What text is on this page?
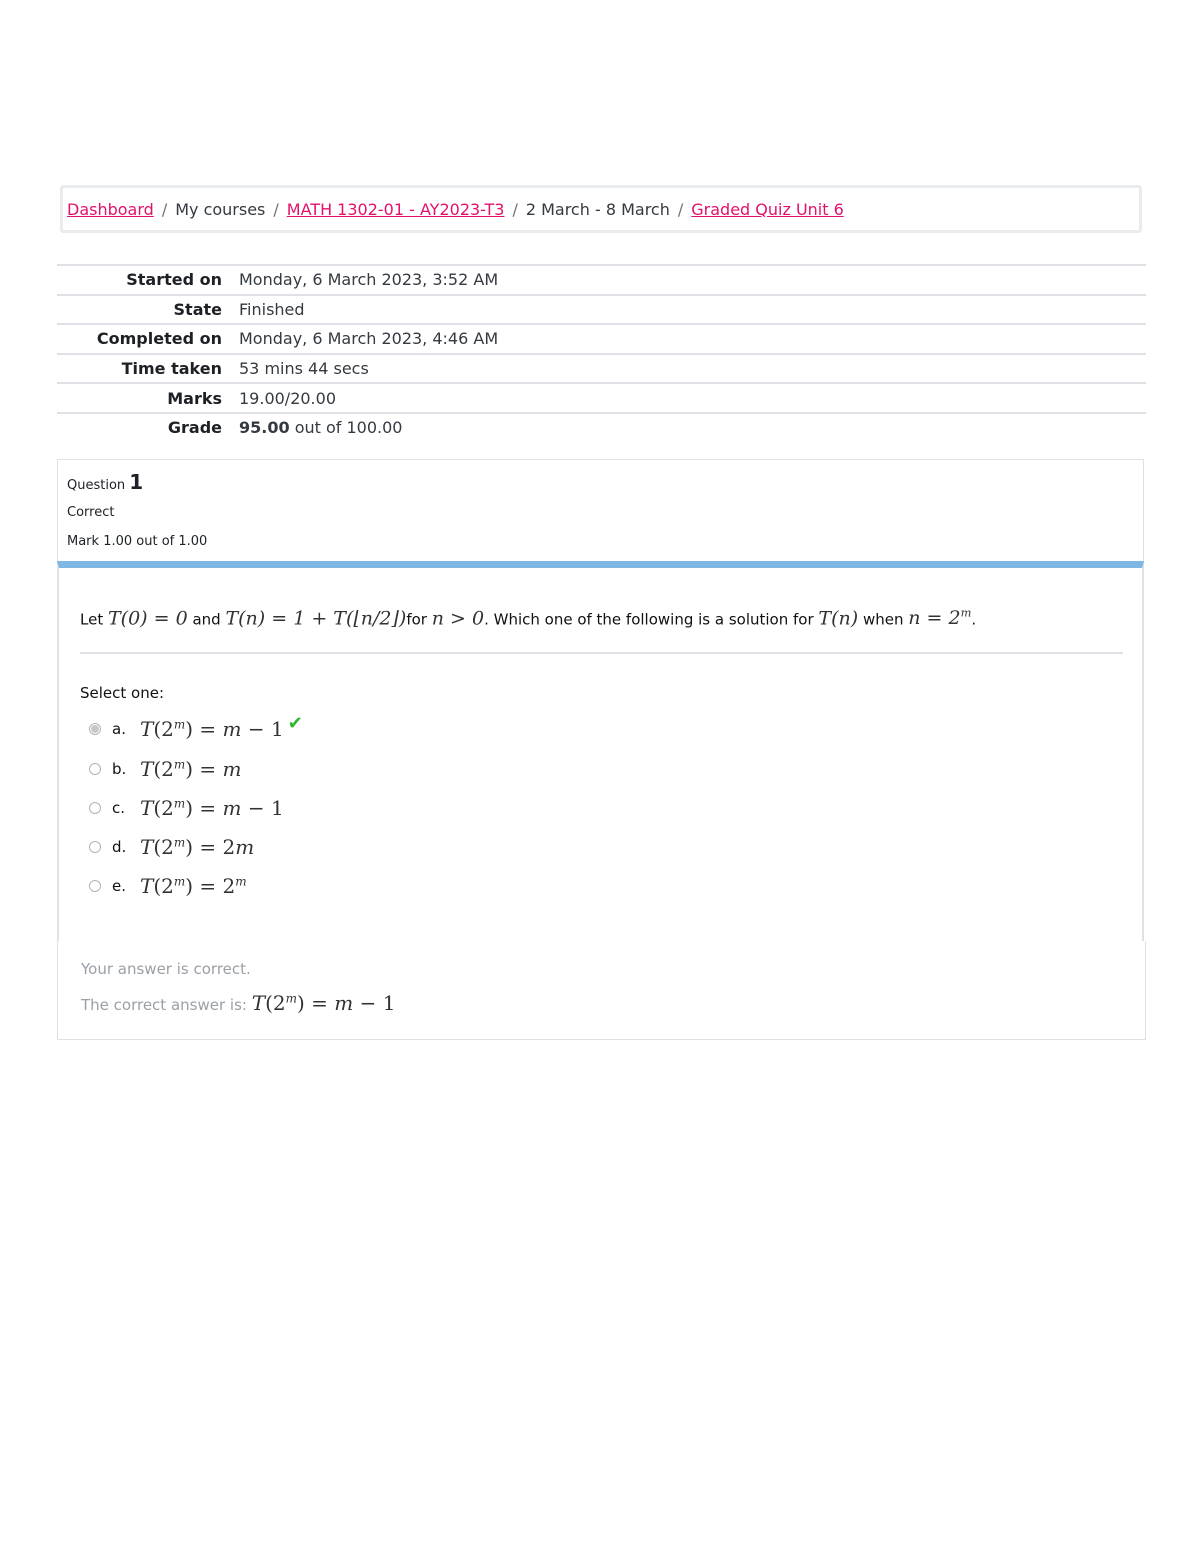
Dashboard / My courses / MATH 1302-01 - AY2023-T3 / 2 March - 8 March / Graded Quiz Unit 6
Started on	Monday, 6 March 2023, 3:52 AM
State	Finished
Completed on	Monday, 6 March 2023, 4:46 AM
Time taken	53 mins 44 secs
Marks	19.00/20.00
Grade	95.00 out of 100.00
Question 1
Correct
Mark 1.00 out of 1.00
Let T(0) = 0 and T(n) = 1 + T(⌊n/2⌋)for n > 0. Which one of the following is a solution for T(n) when $n = 2^m$.
Select one:
a. $T(2^m) = m - 1$ ✔
b. $T(2^m) = m$
c. $T(2^m) = m - 1$
d. $T(2^m) = 2m$
e. $T(2^m) = 2^m$
Your answer is correct.
The correct answer is: $T(2^m) = m - 1$
